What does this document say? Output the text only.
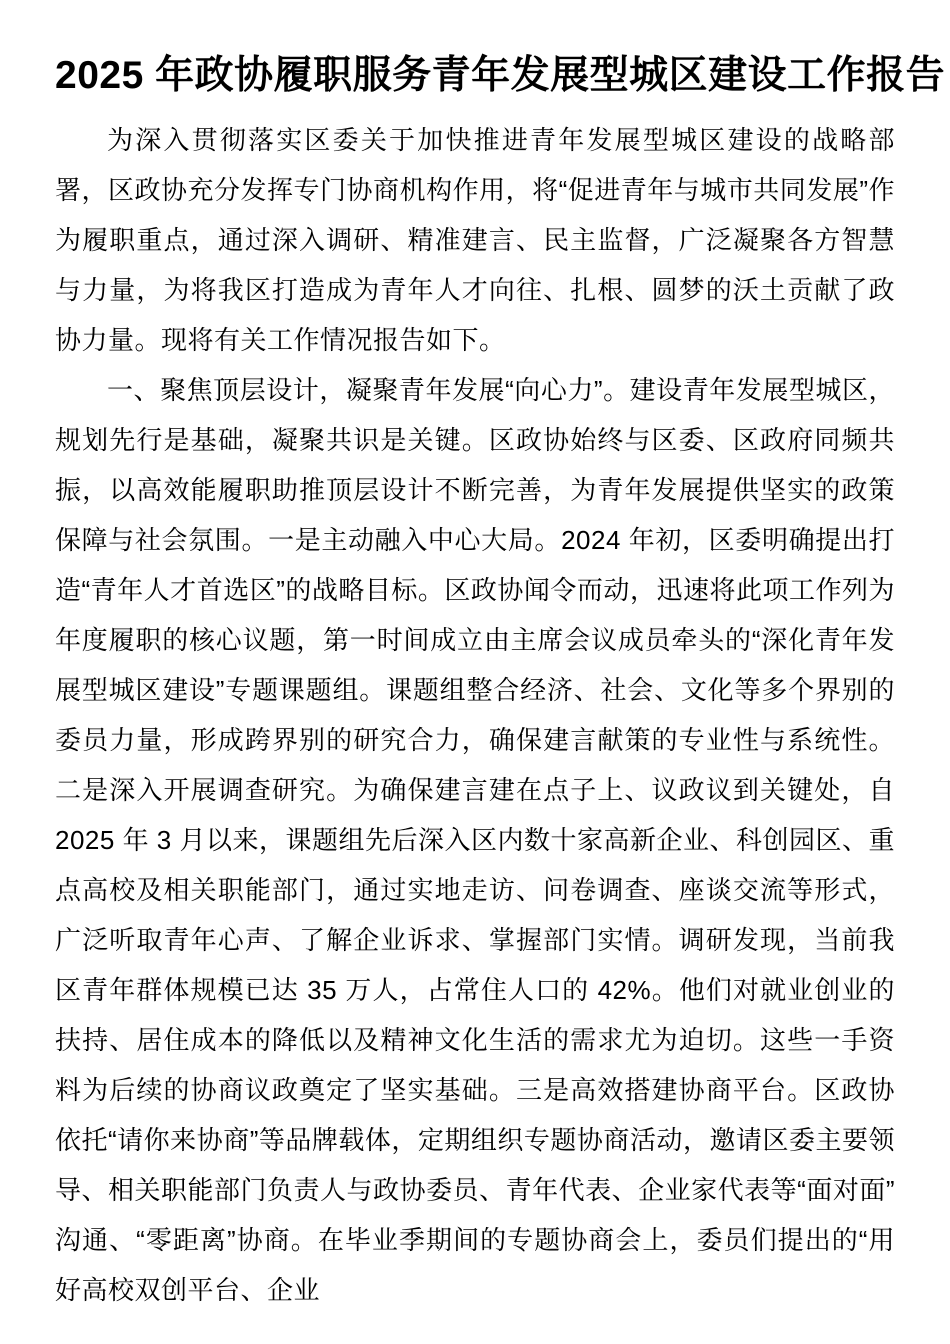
2025 年政协履职服务青年发展型城区建设工作报告

为深入贯彻落实区委关于加快推进青年发展型城区建设的战略部署，区政协充分发挥专门协商机构作用，将“促进青年与城市共同发展”作为履职重点，通过深入调研、精准建言、民主监督，广泛凝聚各方智慧与力量，为将我区打造成为青年人才向往、扎根、圆梦的沃土贡献了政协力量。现将有关工作情况报告如下。

一、聚焦顶层设计，凝聚青年发展“向心力”。建设青年发展型城区，规划先行是基础，凝聚共识是关键。区政协始终与区委、区政府同频共振，以高效能履职助推顶层设计不断完善，为青年发展提供坚实的政策保障与社会氛围。一是主动融入中心大局。2024 年初，区委明确提出打造“青年人才首选区”的战略目标。区政协闻令而动，迅速将此项工作列为年度履职的核心议题，第一时间成立由主席会议成员牵头的“深化青年发展型城区建设”专题课题组。课题组整合经济、社会、文化等多个界别的委员力量，形成跨界别的研究合力，确保建言献策的专业性与系统性。二是深入开展调查研究。为确保建言建在点子上、议政议到关键处，自 2025 年 3 月以来，课题组先后深入区内数十家高新企业、科创园区、重点高校及相关职能部门，通过实地走访、问卷调查、座谈交流等形式，广泛听取青年心声、了解企业诉求、掌握部门实情。调研发现，当前我区青年群体规模已达 35 万人，占常住人口的 42%。他们对就业创业的扶持、居住成本的降低以及精神文化生活的需求尤为迫切。这些一手资料为后续的协商议政奠定了坚实基础。三是高效搭建协商平台。区政协依托“请你来协商”等品牌载体，定期组织专题协商活动，邀请区委主要领导、相关职能部门负责人与政协委员、青年代表、企业家代表等“面对面”沟通、“零距离”协商。在毕业季期间的专题协商会上，委员们提出的“用好高校双创平台、企业
